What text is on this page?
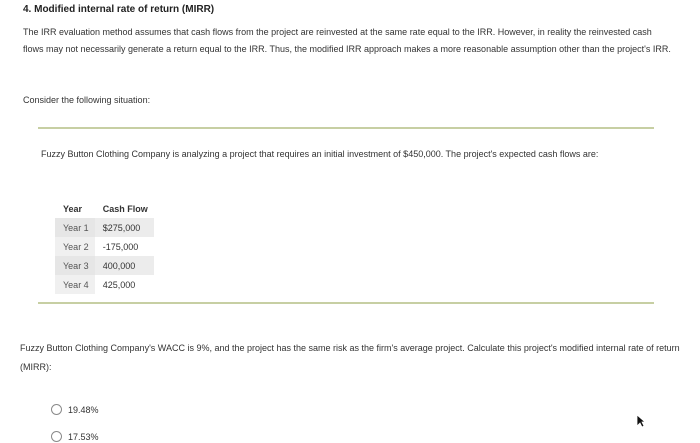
4. Modified internal rate of return (MIRR)
The IRR evaluation method assumes that cash flows from the project are reinvested at the same rate equal to the IRR. However, in reality the reinvested cash flows may not necessarily generate a return equal to the IRR. Thus, the modified IRR approach makes a more reasonable assumption other than the project's IRR.
Consider the following situation:
Fuzzy Button Clothing Company is analyzing a project that requires an initial investment of $450,000. The project's expected cash flows are:
Year	Cash Flow
Year 1	$275,000
Year 2	-175,000
Year 3	400,000
Year 4	425,000
Fuzzy Button Clothing Company's WACC is 9%, and the project has the same risk as the firm's average project. Calculate this project's modified internal rate of return (MIRR):
19.48%
17.53%
